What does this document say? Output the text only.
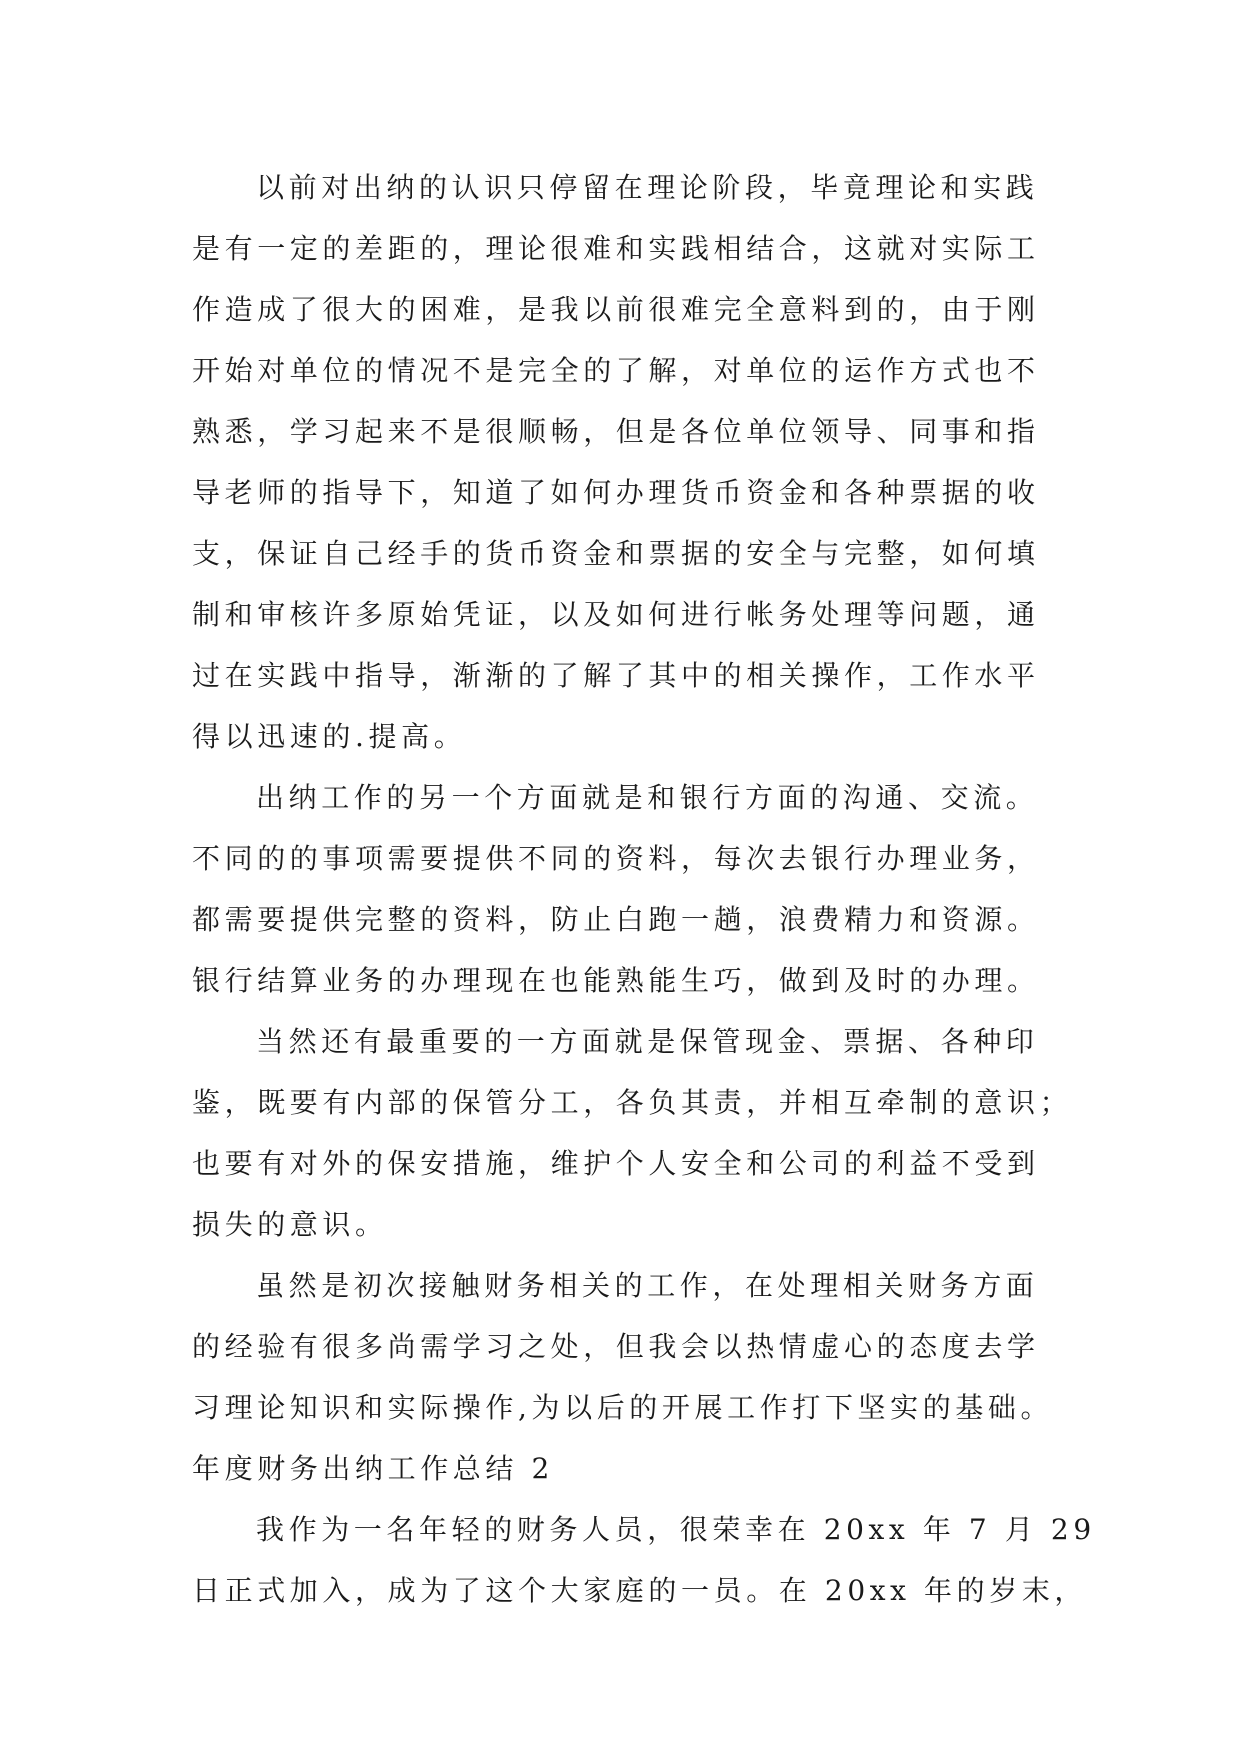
以前对出纳的认识只停留在理论阶段，毕竟理论和实践
是有一定的差距的，理论很难和实践相结合，这就对实际工
作造成了很大的困难，是我以前很难完全意料到的，由于刚
开始对单位的情况不是完全的了解，对单位的运作方式也不
熟悉，学习起来不是很顺畅，但是各位单位领导、同事和指
导老师的指导下，知道了如何办理货币资金和各种票据的收
支，保证自己经手的货币资金和票据的安全与完整，如何填
制和审核许多原始凭证，以及如何进行帐务处理等问题，通
过在实践中指导，渐渐的了解了其中的相关操作，工作水平
得以迅速的.提高。
出纳工作的另一个方面就是和银行方面的沟通、交流。
不同的的事项需要提供不同的资料，每次去银行办理业务，
都需要提供完整的资料，防止白跑一趟，浪费精力和资源。
银行结算业务的办理现在也能熟能生巧，做到及时的办理。
当然还有最重要的一方面就是保管现金、票据、各种印
鉴，既要有内部的保管分工，各负其责，并相互牵制的意识；
也要有对外的保安措施，维护个人安全和公司的利益不受到
损失的意识。
虽然是初次接触财务相关的工作，在处理相关财务方面
的经验有很多尚需学习之处，但我会以热情虚心的态度去学
习理论知识和实际操作,为以后的开展工作打下坚实的基础。
年度财务出纳工作总结 2
我作为一名年轻的财务人员，很荣幸在 20xx 年 7 月 29
日正式加入，成为了这个大家庭的一员。在 20xx 年的岁末，
